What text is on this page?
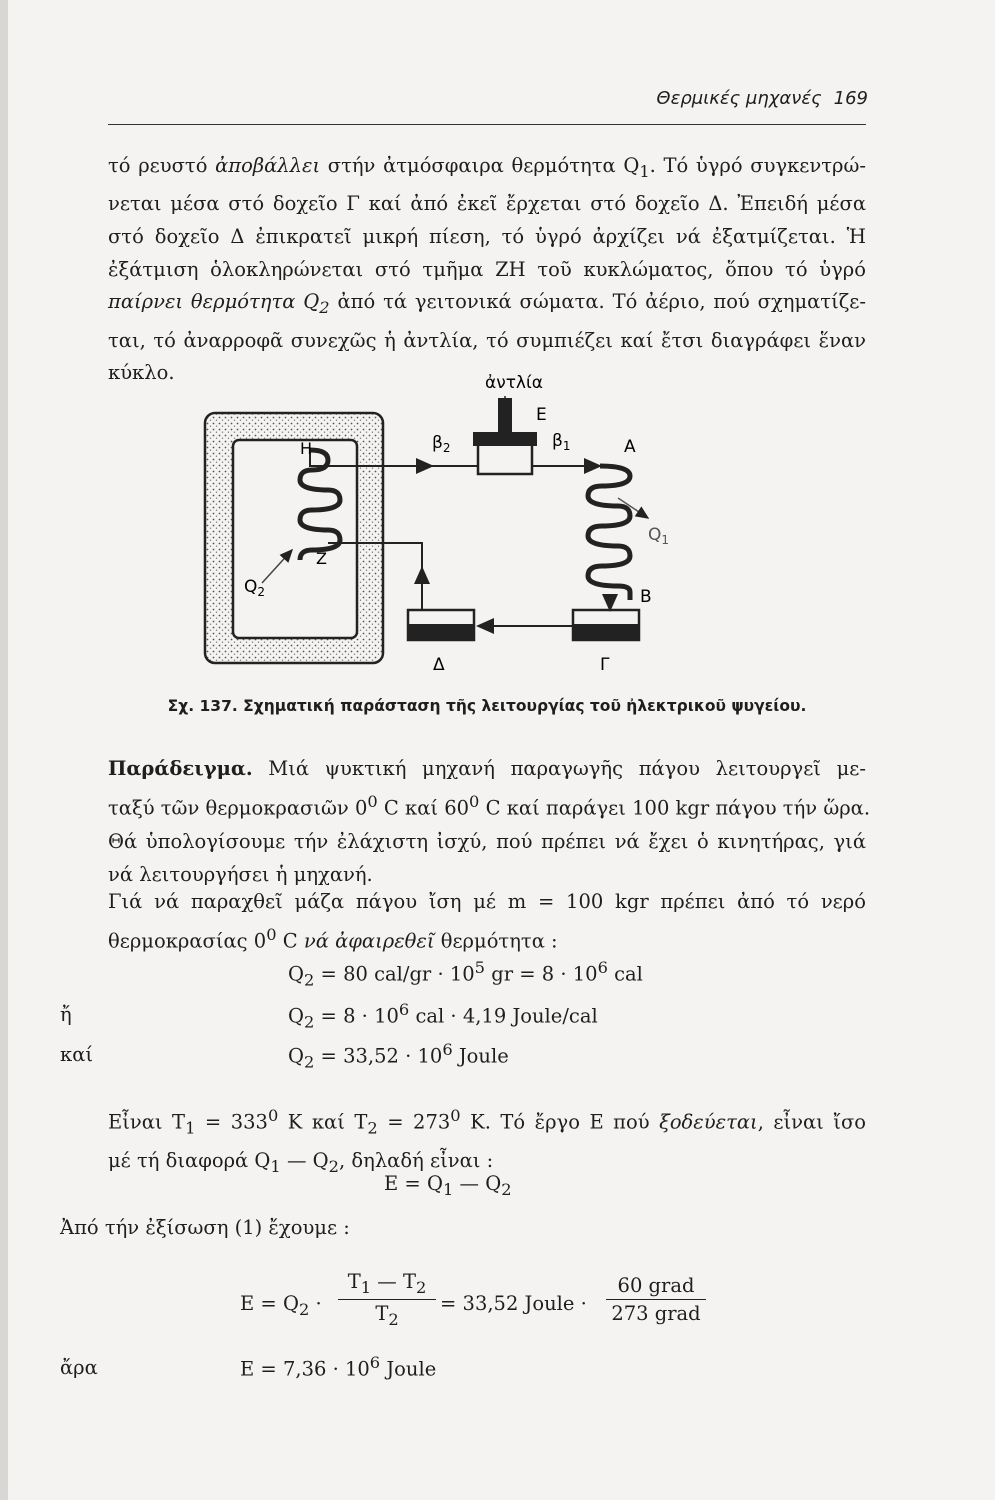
Θερμικές μηχανές 169
τό ρευστό ἀποβάλλει στήν ἀτμόσφαιρα θερμότητα $Q_1$. Τό ὑγρό συγκεντρώ-
νεται μέσα στό δοχεῖο Γ καί ἀπό ἐκεῖ ἔρχεται στό δοχεῖο Δ. Ἐπειδή μέσα
στό δοχεῖο Δ ἐπικρατεῖ μικρή πίεση, τό ὑγρό ἀρχίζει νά ἐξατμίζεται. Ἡ
ἐξάτμιση ὁλοκληρώνεται στό τμῆμα ΖΗ τοῦ κυκλώματος, ὅπου τό ὑγρό
παίρνει θερμότητα $Q_2$ ἀπό τά γειτονικά σώματα. Τό ἀέριο, πού σχηματίζε-
ται, τό ἀναρροφᾶ συνεχῶς ἡ ἀντλία, τό συμπιέζει καί ἔτσι διαγράφει ἕναν
κύκλο.	ἀντλία
E
$\beta_2$	$\beta_1$	A
H
Z
$Q_1$
$Q_2$	B
Δ	Γ
Σχ. 137. Σχηματική παράσταση τῆς λειτουργίας τοῦ ἠλεκτρικοῦ ψυγείου.
Παράδειγμα. Μιά ψυκτική μηχανή παραγωγῆς πάγου λειτουργεῖ με-
ταξύ τῶν θερμοκρασιῶν $0^0$ C καί $60^0$ C καί παράγει 100 kgr πάγου τήν ὥρα.
Θά ὑπολογίσουμε τήν ἐλάχιστη ἰσχύ, πού πρέπει νά ἔχει ὁ κινητήρας, γιά
νά λειτουργήσει ἡ μηχανή.
Γιά νά παραχθεῖ μάζα πάγου ἴση μέ m = 100 kgr πρέπει ἀπό τό νερό
θερμοκρασίας $0^0$ C νά ἀφαιρεθεῖ θερμότητα :
$Q_2 = 80$ $cal/gr \cdot 10^5$ gr = $8 \cdot 10^6$ cal
ἤ	$Q_2 = 8 \cdot 10^6$ cal · 4,19 Joule/cal
καί	$Q_2 = 33,52 \cdot 10^6$ Joule
Εἶναι $T_1 = 333^0$ K καί $T_2 = 273^0$ K. Τό ἔργο E πού ξοδεύεται, εἶναι ἴσο
μέ τή διαφορά $Q_1$ — $Q_2$, δηλαδή εἶναι :
$E = Q_1$ — $Q_2$
Ἀπό τήν ἐξίσωση (1) ἔχουμε :
$E = Q_2 \cdot \frac{T_1 — T_2}{T_2} = 33,52$ Joule ·
60 grad
273 grad
ἄρα	$E = 7,36 \cdot 10^6$ Joule
